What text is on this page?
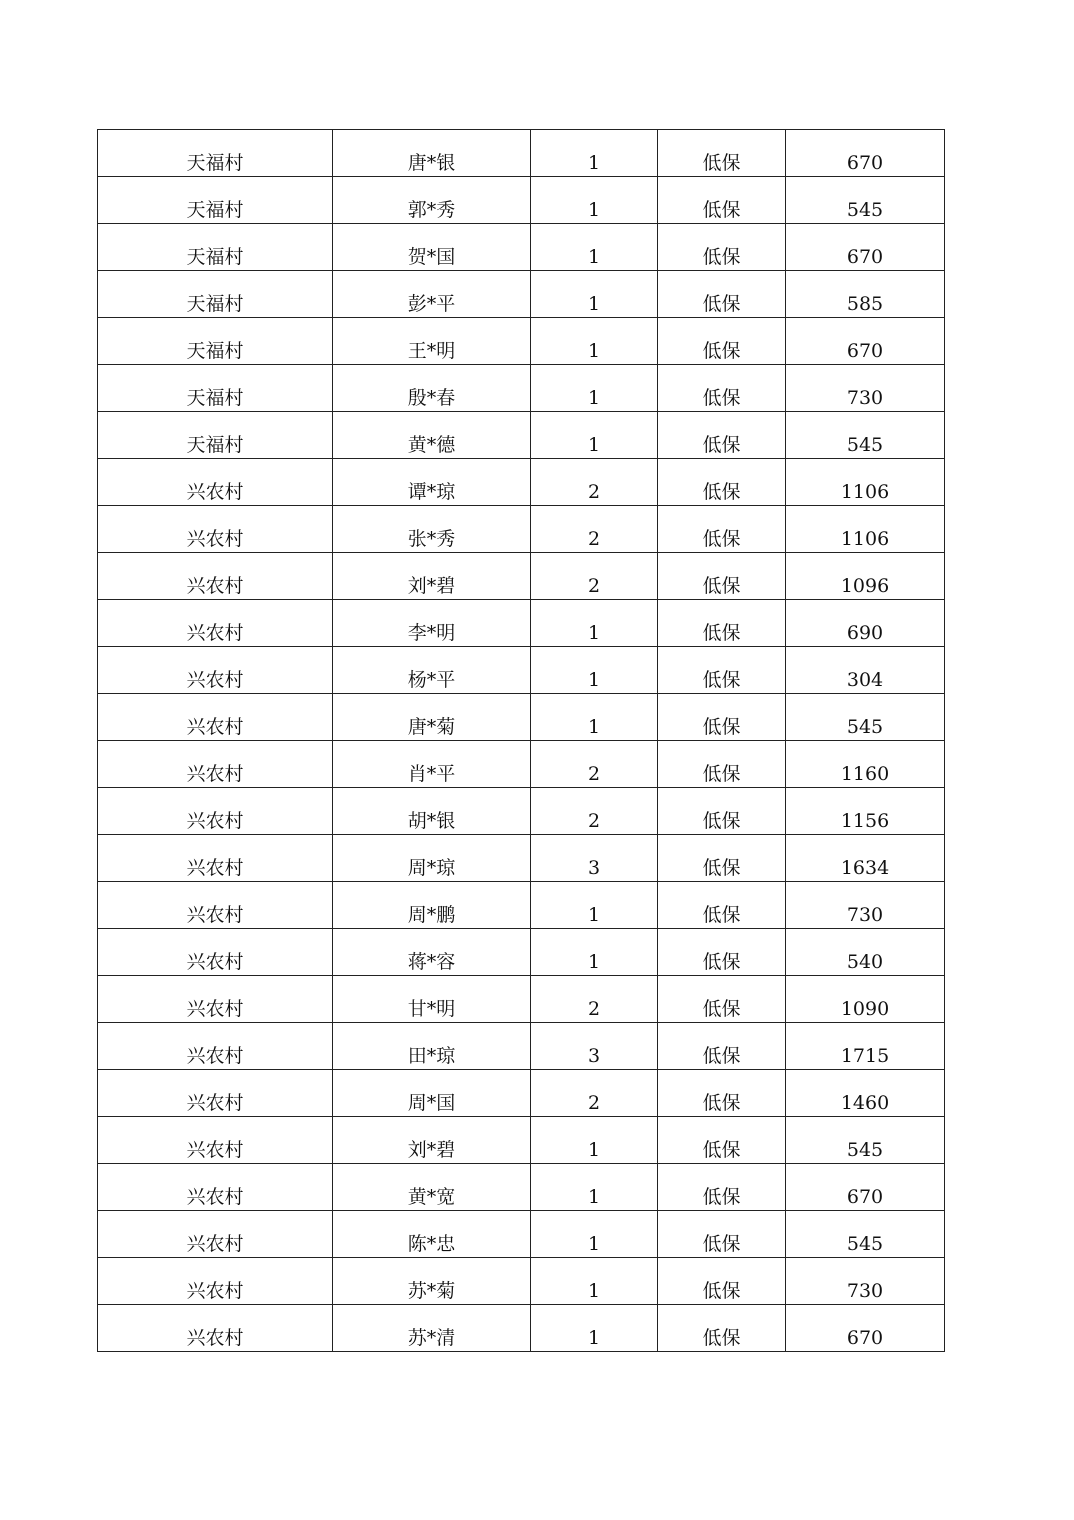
天福村	唐*银	1	低保	670
天福村	郭*秀	1	低保	545
天福村	贺*国	1	低保	670
天福村	彭*平	1	低保	585
天福村	王*明	1	低保	670
天福村	殷*春	1	低保	730
天福村	黄*德	1	低保	545
兴农村	谭*琼	2	低保	1106
兴农村	张*秀	2	低保	1106
兴农村	刘*碧	2	低保	1096
兴农村	李*明	1	低保	690
兴农村	杨*平	1	低保	304
兴农村	唐*菊	1	低保	545
兴农村	肖*平	2	低保	1160
兴农村	胡*银	2	低保	1156
兴农村	周*琼	3	低保	1634
兴农村	周*鹏	1	低保	730
兴农村	蒋*容	1	低保	540
兴农村	甘*明	2	低保	1090
兴农村	田*琼	3	低保	1715
兴农村	周*国	2	低保	1460
兴农村	刘*碧	1	低保	545
兴农村	黄*宽	1	低保	670
兴农村	陈*忠	1	低保	545
兴农村	苏*菊	1	低保	730
兴农村	苏*清	1	低保	670
